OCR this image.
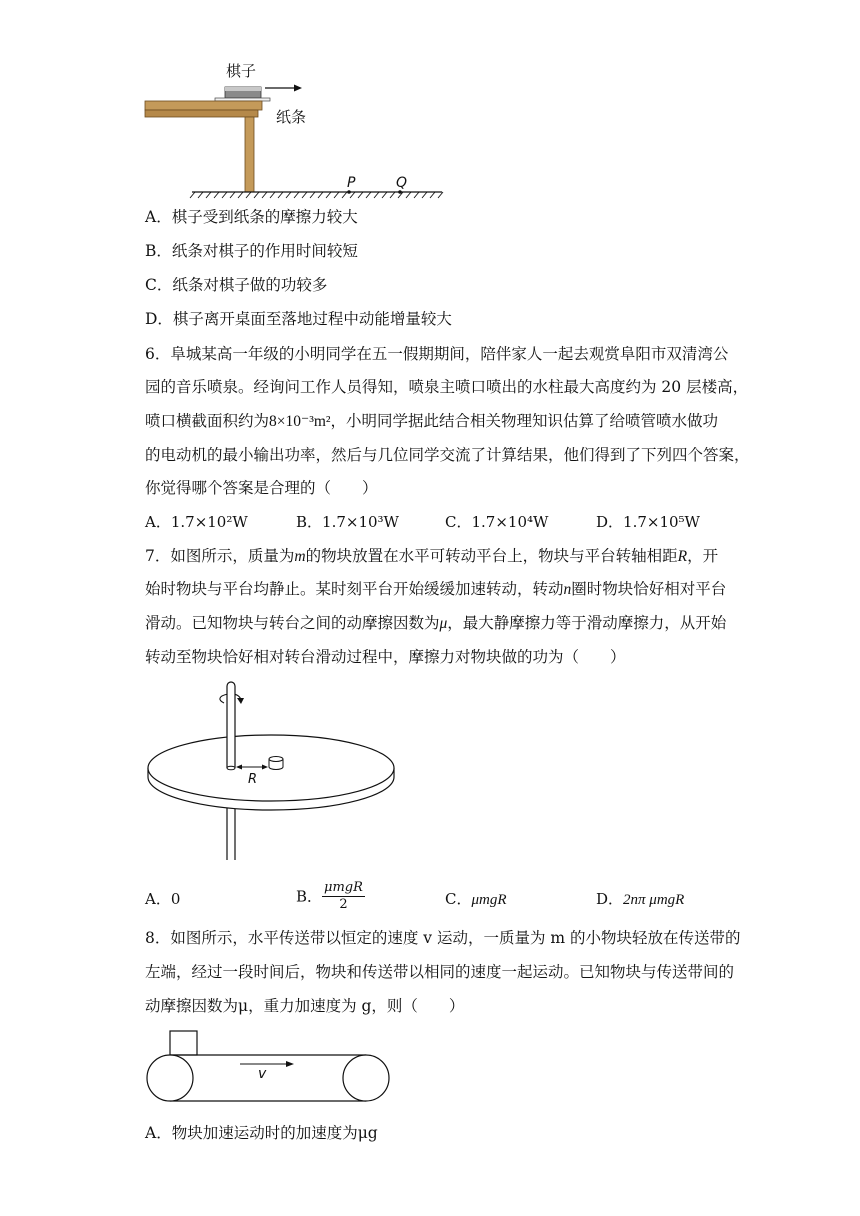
棋子
纸条
P	Q
A．棋子受到纸条的摩擦力较大
B．纸条对棋子的作用时间较短
C．纸条对棋子做的功较多
D．棋子离开桌面至落地过程中动能增量较大
6．阜城某高一年级的小明同学在五一假期期间，陪伴家人一起去观赏阜阳市双清湾公
园的音乐喷泉。经询问工作人员得知，喷泉主喷口喷出的水柱最大高度约为 20 层楼高，
喷口横截面积约为8×10⁻³m²，小明同学据此结合相关物理知识估算了给喷管喷水做功
的电动机的最小输出功率，然后与几位同学交流了计算结果，他们得到了下列四个答案，
你觉得哪个答案是合理的（　　）
A．1.7×10²W	B．1.7×10³W	C．1.7×10⁴W	D．1.7×10⁵W
7．如图所示，质量为m的物块放置在水平可转动平台上，物块与平台转轴相距R，开
始时物块与平台均静止。某时刻平台开始缓缓加速转动，转动n圈时物块恰好相对平台
滑动。已知物块与转台之间的动摩擦因数为μ，最大静摩擦力等于滑动摩擦力，从开始
转动至物块恰好相对转台滑动过程中，摩擦力对物块做的功为（　　）
R
A．0	B． $\frac{\text{μmgR}}{2}$	C．μmgR	D．2nπ μmgR
8．如图所示，水平传送带以恒定的速度 v 运动，一质量为 m 的小物块轻放在传送带的
左端，经过一段时间后，物块和传送带以相同的速度一起运动。已知物块与传送带间的
动摩擦因数为μ，重力加速度为 g，则（　　）
v
A．物块加速运动时的加速度为μg
